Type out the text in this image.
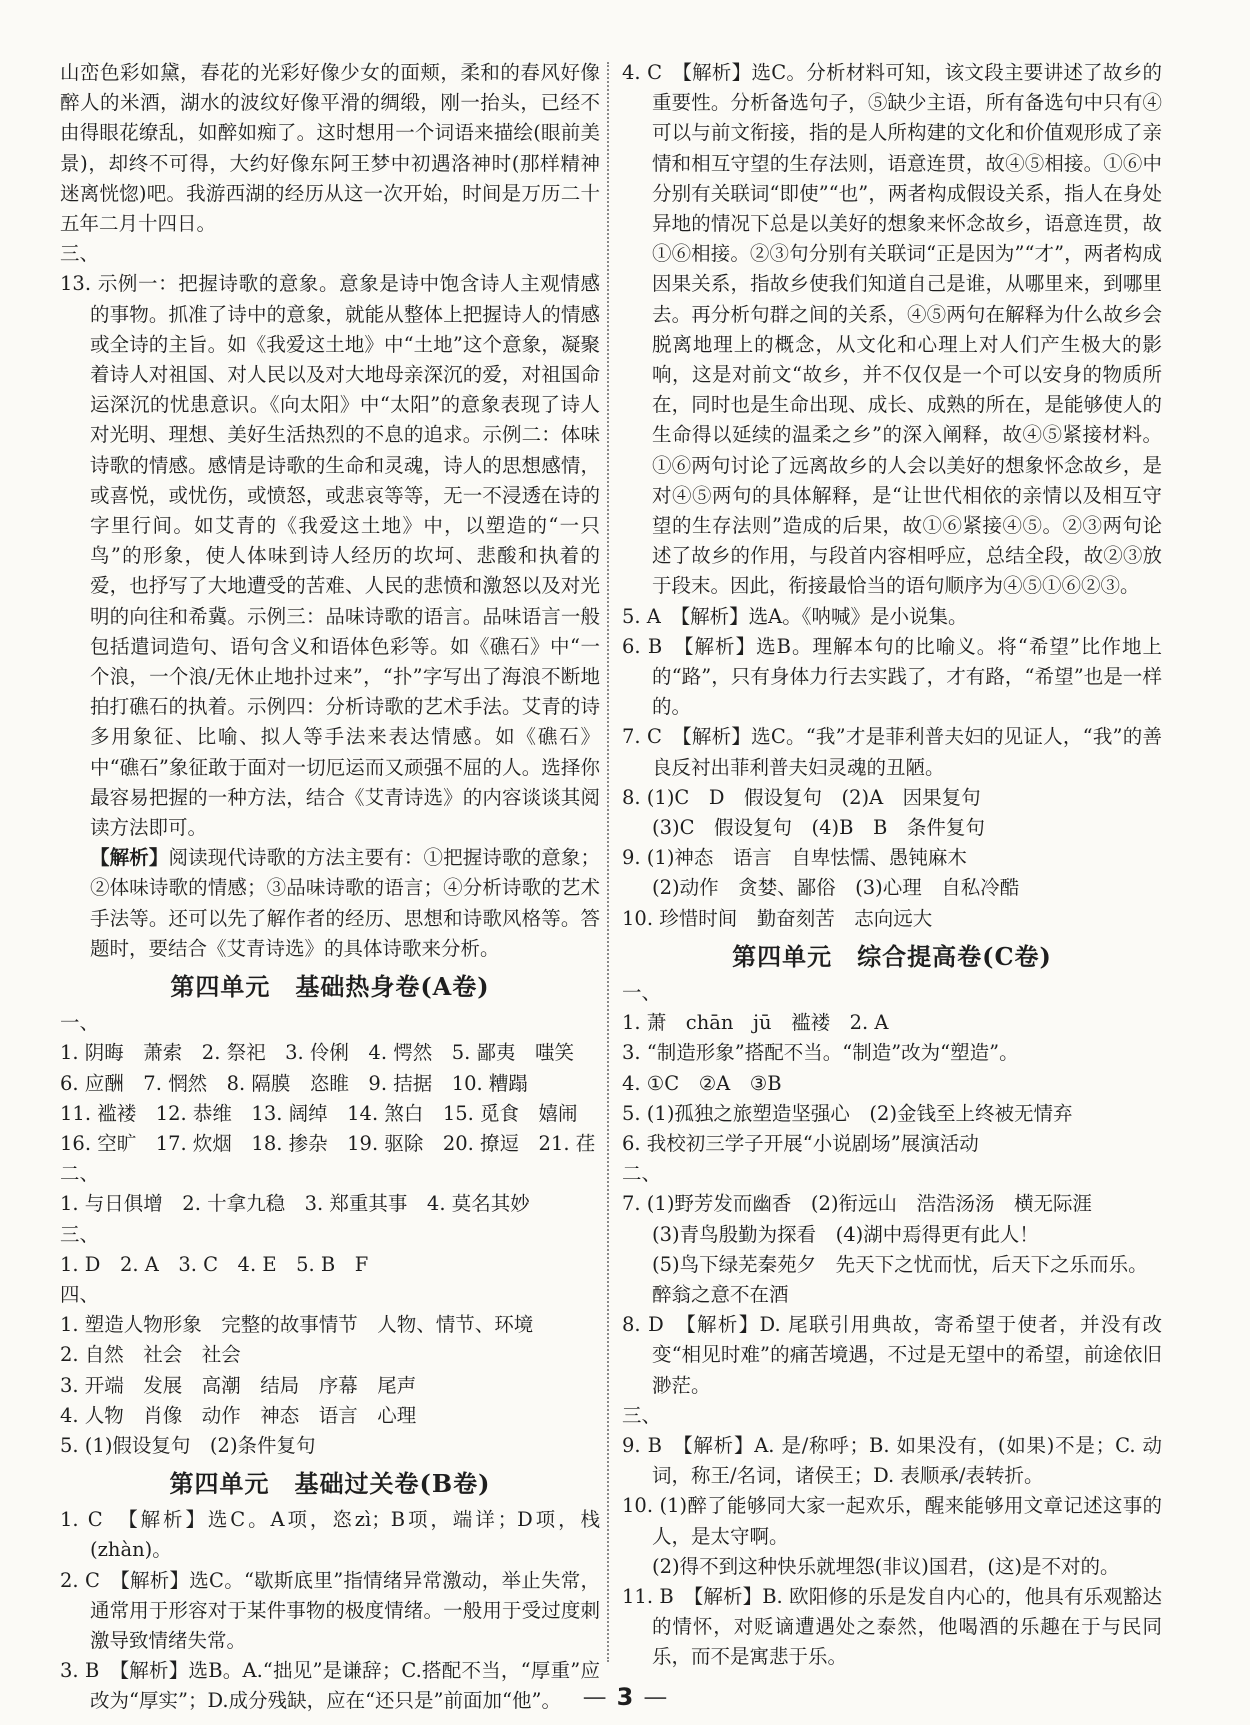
山峦色彩如黛，春花的光彩好像少女的面颊，柔和的春风好像醉人的米酒，湖水的波纹好像平滑的绸缎，刚一抬头，已经不由得眼花缭乱，如醉如痴了。这时想用一个词语来描绘(眼前美景)，却终不可得，大约好像东阿王梦中初遇洛神时(那样精神迷离恍惚)吧。我游西湖的经历从这一次开始，时间是万历二十五年二月十四日。

三、

13. 示例一：把握诗歌的意象。意象是诗中饱含诗人主观情感的事物。抓准了诗中的意象，就能从整体上把握诗人的情感或全诗的主旨。如《我爱这土地》中“土地”这个意象，凝聚着诗人对祖国、对人民以及对大地母亲深沉的爱，对祖国命运深沉的忧患意识。《向太阳》中“太阳”的意象表现了诗人对光明、理想、美好生活热烈的不息的追求。示例二：体味诗歌的情感。感情是诗歌的生命和灵魂，诗人的思想感情，或喜悦，或忧伤，或愤怒，或悲哀等等，无一不浸透在诗的字里行间。如艾青的《我爱这土地》中，以塑造的“一只鸟”的形象，使人体味到诗人经历的坎坷、悲酸和执着的爱，也抒写了大地遭受的苦难、人民的悲愤和激怒以及对光明的向往和希冀。示例三：品味诗歌的语言。品味语言一般包括遣词造句、语句含义和语体色彩等。如《礁石》中“一个浪，一个浪/无休止地扑过来”，“扑”字写出了海浪不断地拍打礁石的执着。示例四：分析诗歌的艺术手法。艾青的诗多用象征、比喻、拟人等手法来表达情感。如《礁石》中“礁石”象征敢于面对一切厄运而又顽强不屈的人。选择你最容易把握的一种方法，结合《艾青诗选》的内容谈谈其阅读方法即可。

【解析】阅读现代诗歌的方法主要有：①把握诗歌的意象；②体味诗歌的情感；③品味诗歌的语言；④分析诗歌的艺术手法等。还可以先了解作者的经历、思想和诗歌风格等。答题时，要结合《艾青诗选》的具体诗歌来分析。

第四单元　基础热身卷(A卷)

一、

1. 阴晦　萧索　2. 祭祀　3. 伶俐　4. 愕然　5. 鄙夷　嗤笑

6. 应酬　7. 惘然　8. 隔膜　恣睢　9. 拮据　10. 糟蹋

11. 褴褛　12. 恭维　13. 阔绰　14. 煞白　15. 觅食　嬉闹

16. 空旷　17. 炊烟　18. 掺杂　19. 驱除　20. 撩逗　21. 荏

二、

1. 与日俱增　2. 十拿九稳　3. 郑重其事　4. 莫名其妙

三、

1. D　2. A　3. C　4. E　5. B　F

四、

1. 塑造人物形象　完整的故事情节　人物、情节、环境

2. 自然　社会　社会

3. 开端　发展　高潮　结局　序幕　尾声

4. 人物　肖像　动作　神态　语言　心理

5. (1)假设复句　(2)条件复句

第四单元　基础过关卷(B卷)

1. C　【解析】选C。A项，恣zì；B项，端详；D项，栈(zhàn)。

2. C　【解析】选C。“歇斯底里”指情绪异常激动，举止失常，通常用于形容对于某件事物的极度情绪。一般用于受过度刺激导致情绪失常。

3. B　【解析】选B。A.“拙见”是谦辞；C.搭配不当，“厚重”应改为“厚实”；D.成分残缺，应在“还只是”前面加“他”。

4. C　【解析】选C。分析材料可知，该文段主要讲述了故乡的重要性。分析备选句子，⑤缺少主语，所有备选句中只有④可以与前文衔接，指的是人所构建的文化和价值观形成了亲情和相互守望的生存法则，语意连贯，故④⑤相接。①⑥中分别有关联词“即使”“也”，两者构成假设关系，指人在身处异地的情况下总是以美好的想象来怀念故乡，语意连贯，故①⑥相接。②③句分别有关联词“正是因为”“才”，两者构成因果关系，指故乡使我们知道自己是谁，从哪里来，到哪里去。再分析句群之间的关系，④⑤两句在解释为什么故乡会脱离地理上的概念，从文化和心理上对人们产生极大的影响，这是对前文“故乡，并不仅仅是一个可以安身的物质所在，同时也是生命出现、成长、成熟的所在，是能够使人的生命得以延续的温柔之乡”的深入阐释，故④⑤紧接材料。①⑥两句讨论了远离故乡的人会以美好的想象怀念故乡，是对④⑤两句的具体解释，是“让世代相依的亲情以及相互守望的生存法则”造成的后果，故①⑥紧接④⑤。②③两句论述了故乡的作用，与段首内容相呼应，总结全段，故②③放于段末。因此，衔接最恰当的语句顺序为④⑤①⑥②③。

5. A　【解析】选A。《呐喊》是小说集。

6. B　【解析】选B。理解本句的比喻义。将“希望”比作地上的“路”，只有身体力行去实践了，才有路，“希望”也是一样的。

7. C　【解析】选C。“我”才是菲利普夫妇的见证人，“我”的善良反衬出菲利普夫妇灵魂的丑陋。

8. (1)C　D　假设复句　(2)A　因果复句

(3)C　假设复句　(4)B　B　条件复句

9. (1)神态　语言　自卑怯懦、愚钝麻木

(2)动作　贪婪、鄙俗　(3)心理　自私冷酷

10. 珍惜时间　勤奋刻苦　志向远大

第四单元　综合提高卷(C卷)

一、

1. 萧　chān　jū　褴褛　2. A

3. “制造形象”搭配不当。“制造”改为“塑造”。

4. ①C　②A　③B

5. (1)孤独之旅塑造坚强心　(2)金钱至上终被无情弃

6. 我校初三学子开展“小说剧场”展演活动

二、

7. (1)野芳发而幽香　(2)衔远山　浩浩汤汤　横无际涯

(3)青鸟殷勤为探看　(4)湖中焉得更有此人！

(5)鸟下绿芜秦苑夕　先天下之忧而忧，后天下之乐而乐。

醉翁之意不在酒

8. D　【解析】D. 尾联引用典故，寄希望于使者，并没有改变“相见时难”的痛苦境遇，不过是无望中的希望，前途依旧渺茫。

三、

9. B　【解析】A. 是/称呼；B. 如果没有，(如果)不是；C. 动词，称王/名词，诸侯王；D. 表顺承/表转折。

10. (1)醉了能够同大家一起欢乐，醒来能够用文章记述这事的人，是太守啊。

(2)得不到这种快乐就埋怨(非议)国君，(这)是不对的。

11. B　【解析】B. 欧阳修的乐是发自内心的，他具有乐观豁达的情怀，对贬谪遭遇处之泰然，他喝酒的乐趣在于与民同乐，而不是寓悲于乐。

— 3 —
